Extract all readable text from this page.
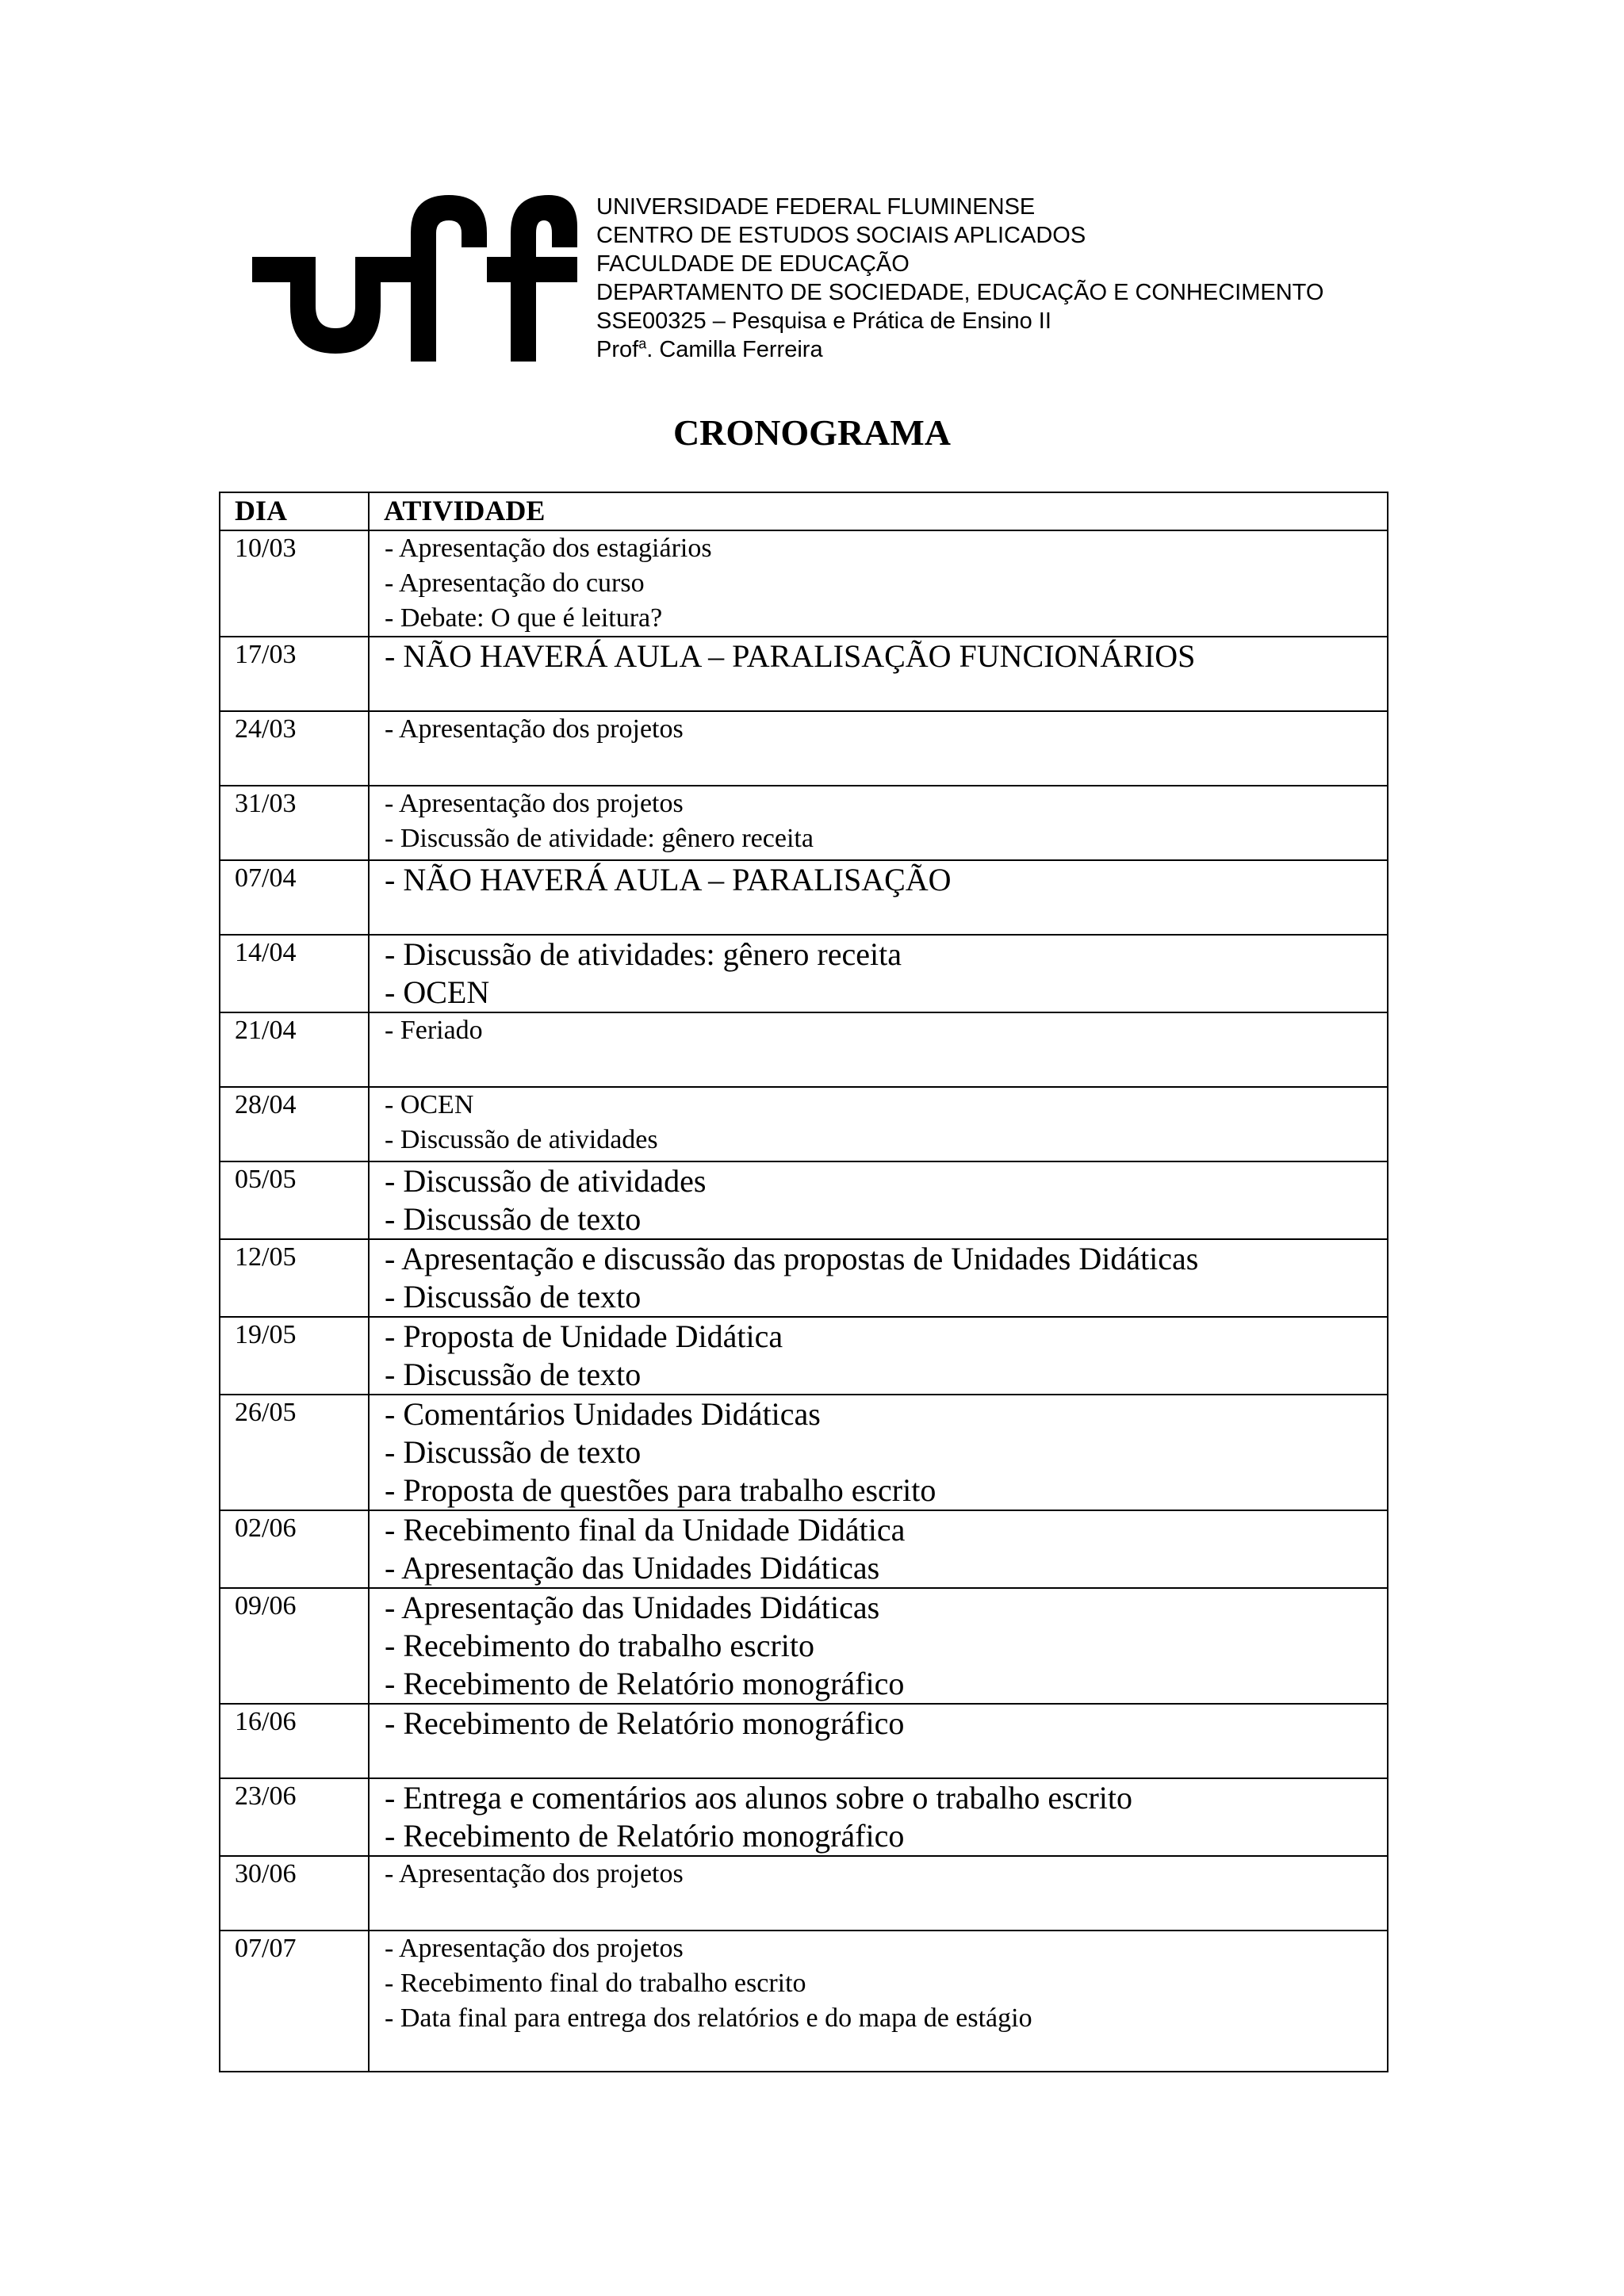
UNIVERSIDADE FEDERAL FLUMINENSE
CENTRO DE ESTUDOS SOCIAIS APLICADOS
FACULDADE DE EDUCAÇÃO
DEPARTAMENTO DE SOCIEDADE, EDUCAÇÃO E CONHECIMENTO
SSE00325 – Pesquisa e Prática de Ensino II
Prof$^a$. Camilla Ferreira
CRONOGRAMA
DIA	ATIVIDADE
10/03	- Apresentação dos estagiários
- Apresentação do curso
- Debate: O que é leitura?

17/03	- NÃO HAVERÁ AULA – PARALISAÇÃO FUNCIONÁRIOS

24/03	- Apresentação dos projetos

31/03	- Apresentação dos projetos
- Discussão de atividade: gênero receita

07/04	- NÃO HAVERÁ AULA – PARALISAÇÃO

14/04	- Discussão de atividades: gênero receita
- OCEN

21/04	- Feriado

28/04	- OCEN
- Discussão de atividades

05/05	- Discussão de atividades
- Discussão de texto

12/05	- Apresentação e discussão das propostas de Unidades Didáticas
- Discussão de texto

19/05	- Proposta de Unidade Didática
- Discussão de texto

26/05	- Comentários Unidades Didáticas
- Discussão de texto
- Proposta de questões para trabalho escrito

02/06	- Recebimento final da Unidade Didática
- Apresentação das Unidades Didáticas

09/06	- Apresentação das Unidades Didáticas
- Recebimento do trabalho escrito
- Recebimento de Relatório monográfico

16/06	- Recebimento de Relatório monográfico

23/06	- Entrega e comentários aos alunos sobre o trabalho escrito
- Recebimento de Relatório monográfico

30/06	- Apresentação dos projetos

07/07	- Apresentação dos projetos
- Recebimento final do trabalho escrito
- Data final para entrega dos relatórios e do mapa de estágio
